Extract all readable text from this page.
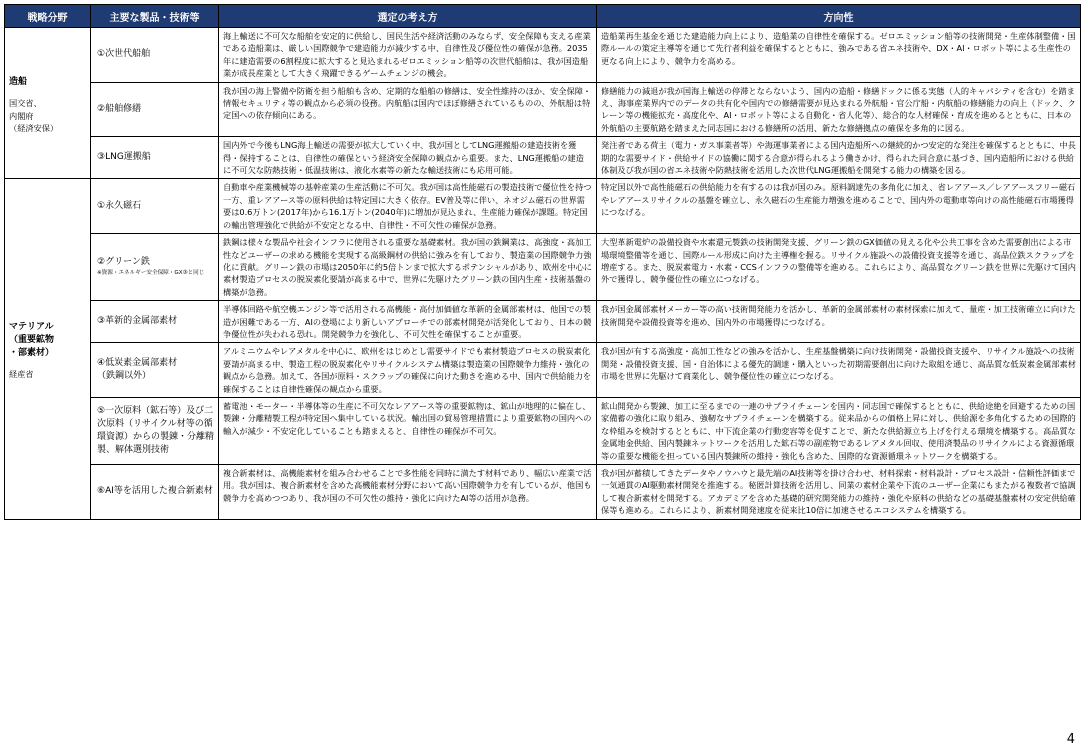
戦略分野	主要な製品・技術等	選定の考え方	方向性

造船
国交省、
内閣府
（経済安保）	①次世代船舶	海上輸送に不可欠な船舶を安定的に供給し、国民生活や経済活動のみならず、安全保障も支える産業である造船業は、厳しい国際競争で建造能力が減少する中、自律性及び優位性の確保が急務。2035年に建造需要の6割程度に拡大すると見込まれるゼロエミッション船等の次世代船舶は、我が国造船業が成長産業として大きく飛躍できるゲームチェンジの機会。	造船業再生基金を通じた建造能力向上により、造船業の自律性を確保する。ゼロエミッション船等の技術開発・生産体制整備・国際ルールの策定主導等を通じて先行者利益を確保するとともに、強みである省エネ技術や、DX・AI・ロボット等による生産性の更なる向上により、競争力を高める。
	②船舶修繕	我が国の海上警備や防衛を担う船舶も含め、定期的な船舶の修繕は、安全性維持のほか、安全保障・情報セキュリティ等の観点から必須の役務。内航船は国内でほぼ修繕されているものの、外航船は特定国への依存傾向にある。	修繕能力の減退が我が国海上輸送の停滞とならないよう、国内の造船・修繕ドックに係る実態（人的キャパシティを含む）を踏まえ、海事産業界内でのデータの共有化や国内での修繕需要が見込まれる外航船・官公庁船・内航船の修繕能力の向上（ドック、クレーン等の機能拡充・高度化や、AI・ロボット等による自動化・省人化等）、総合的な人材確保・育成を進めるとともに、日本の外航船の主要航路を踏まえた同志国における修繕所の活用、新たな修繕拠点の確保を多角的に図る。
	③LNG運搬船	国内外で今後もLNG海上輸送の需要が拡大していく中、我が国としてLNG運搬船の建造技術を獲得・保持することは、自律性の確保という経済安全保障の観点から重要。また、LNG運搬船の建造に不可欠な防熱技術・低温技術は、液化水素等の新たな輸送技術にも応用可能。	発注者である荷主（電力・ガス事業者等）や海運事業者による国内造船所への継続的かつ安定的な発注を確保するとともに、中長期的な需要サイド・供給サイドの協働に関する合意が得られるよう働きかけ、得られた同合意に基づき、国内造船所における供給体制及び我が国の省エネ技術や防熱技術を活用した次世代LNG運搬船を開発する能力の構築を図る。

マテリアル
（重要鉱物
・部素材）
経産省	①永久磁石	自動車や産業機械等の基幹産業の生産活動に不可欠。我が国は高性能磁石の製造技術で優位性を持つ一方、重レアアース等の原料供給は特定国に大きく依存。EV普及等に伴い、ネオジム磁石の世界需要は0.6万トン(2017年)から16.1万トン(2040年)に増加が見込まれ、生産能力確保が課題。特定国の輸出管理強化で供給が不安定となる中、自律性・不可欠性の確保が急務。	特定国以外で高性能磁石の供給能力を有するのは我が国のみ。原料調達先の多角化に加え、省レアアース／レアアースフリー磁石やレアアースリサイクルの基盤を確立し、永久磁石の生産能力増強を進めることで、国内外の電動車等向けの高性能磁石市場獲得につなげる。
	②グリーン鉄
※資源・エネルギー安全保障・GX③と同じ	鉄鋼は様々な製品や社会インフラに使用される重要な基礎素材。我が国の鉄鋼業は、高強度・高加工性などユーザーの求める機能を実現する高級鋼材の供給に強みを有しており、製造業の国際競争力強化に貢献。グリーン鉄の市場は2050年に約5倍トンまで拡大するポテンシャルがあり、欧州を中心に素材製造プロセスの脱炭素化要請が高まる中で、世界に先駆けたグリーン鉄の国内生産・技術基盤の構築が急務。	大型革新電炉の設備投資や水素還元製鉄の技術開発支援、グリーン鉄のGX価値の見える化や公共工事を含めた需要創出による市場環境整備等を通じ、国際ルール形成に向けた主導権を握る。リサイクル施設への設備投資支援等を通じ、高品位鉄スクラップを増産する。また、脱炭素電力・水素・CCSインフラの整備等を進める。これらにより、高品質なグリーン鉄を世界に先駆けて国内外で獲得し、競争優位性の確立につなげる。
	③革新的金属部素材	半導体回路や航空機エンジン等で活用される高機能・高付加価値な革新的金属部素材は、他国での製造が困難である一方、AIの登場により新しいアプローチでの部素材開発が活発化しており、日本の競争優位性が失われる恐れ。開発競争力を強化し、不可欠性を確保することが重要。	我が国金属部素材メーカー等の高い技術開発能力を活かし、革新的金属部素材の素材探索に加えて、量産・加工技術確立に向けた技術開発や設備投資等を進め、国内外の市場獲得につなげる。
	④低炭素金属部素材
（鉄鋼以外）	アルミニウムやレアメタルを中心に、欧州をはじめとし需要サイドでも素材製造プロセスの脱炭素化要請が高まる中、製造工程の脱炭素化やリサイクルシステム構築は製造業の国際競争力維持・強化の観点から急務。加えて、各国が原料・スクラップの確保に向けた動きを進める中、国内で供給能力を確保することは自律性確保の観点から重要。	我が国が有する高強度・高加工性などの強みを活かし、生産基盤構築に向け技術開発・設備投資支援や、リサイクル施設への技術開発・設備投資支援、国・自治体による優先的調達・購入といった初期需要創出に向けた取組を通じ、高品質な低炭素金属部素材市場を世界に先駆けて商業化し、競争優位性の確立につなげる。
	⑤一次原料（鉱石等）及び二次原料（リサイクル材等の循環資源）からの製錬・分離精製、解体選別技術	蓄電池・モーター・半導体等の生産に不可欠なレアアース等の重要鉱物は、鉱山が地理的に偏在し、製錬・分離精製工程が特定国へ集中している状況。輸出国の貿易管理措置により重要鉱物の国内への輸入が減少・不安定化していることも踏まえると、自律性の確保が不可欠。	鉱山開発から製錬、加工に至るまでの一連のサプライチェーンを国内・同志国で確保するとともに、供給途絶を回避するための国家備蓄の強化に取り組み、強靭なサプライチェーンを構築する。従来品からの価格上昇に対し、供給源を多角化するための国際的な枠組みを検討するとともに、中下流企業の行動変容等を促すことで、新たな供給源立ち上げを行える環境を構築する。高品質な金属地金供給、国内製錬ネットワークを活用した鉱石等の副産物であるレアメタル回収、使用済製品のリサイクルによる資源循環等の重要な機能を担っている国内製錬所の維持・強化も含めた、国際的な資源循環ネットワークを構築する。
	⑥AI等を活用した複合新素材	複合新素材は、高機能素材を組み合わせることで多性能を同時に満たす材料であり、幅広い産業で活用。我が国は、複合新素材を含めた高機能素材分野において高い国際競争力を有しているが、他国も競争力を高めつつあり、我が国の不可欠性の維持・強化に向けたAI等の活用が急務。	我が国が蓄積してきたデータやノウハウと最先端のAI技術等を掛け合わせ、材料探索・材料設計・プロセス設計・信頼性評価まで一気通貫のAI駆動素材開発を推進する。秘匿計算技術を活用し、同業の素材企業や下流のユーザー企業にもまたがる複数者で協調して複合新素材を開発する。アカデミアを含めた基礎的研究開発能力の維持・強化や原料の供給などの基礎基盤素材の安定供給確保等も進める。これらにより、新素材開発速度を従来比10倍に加速させるエコシステムを構築する。
4
